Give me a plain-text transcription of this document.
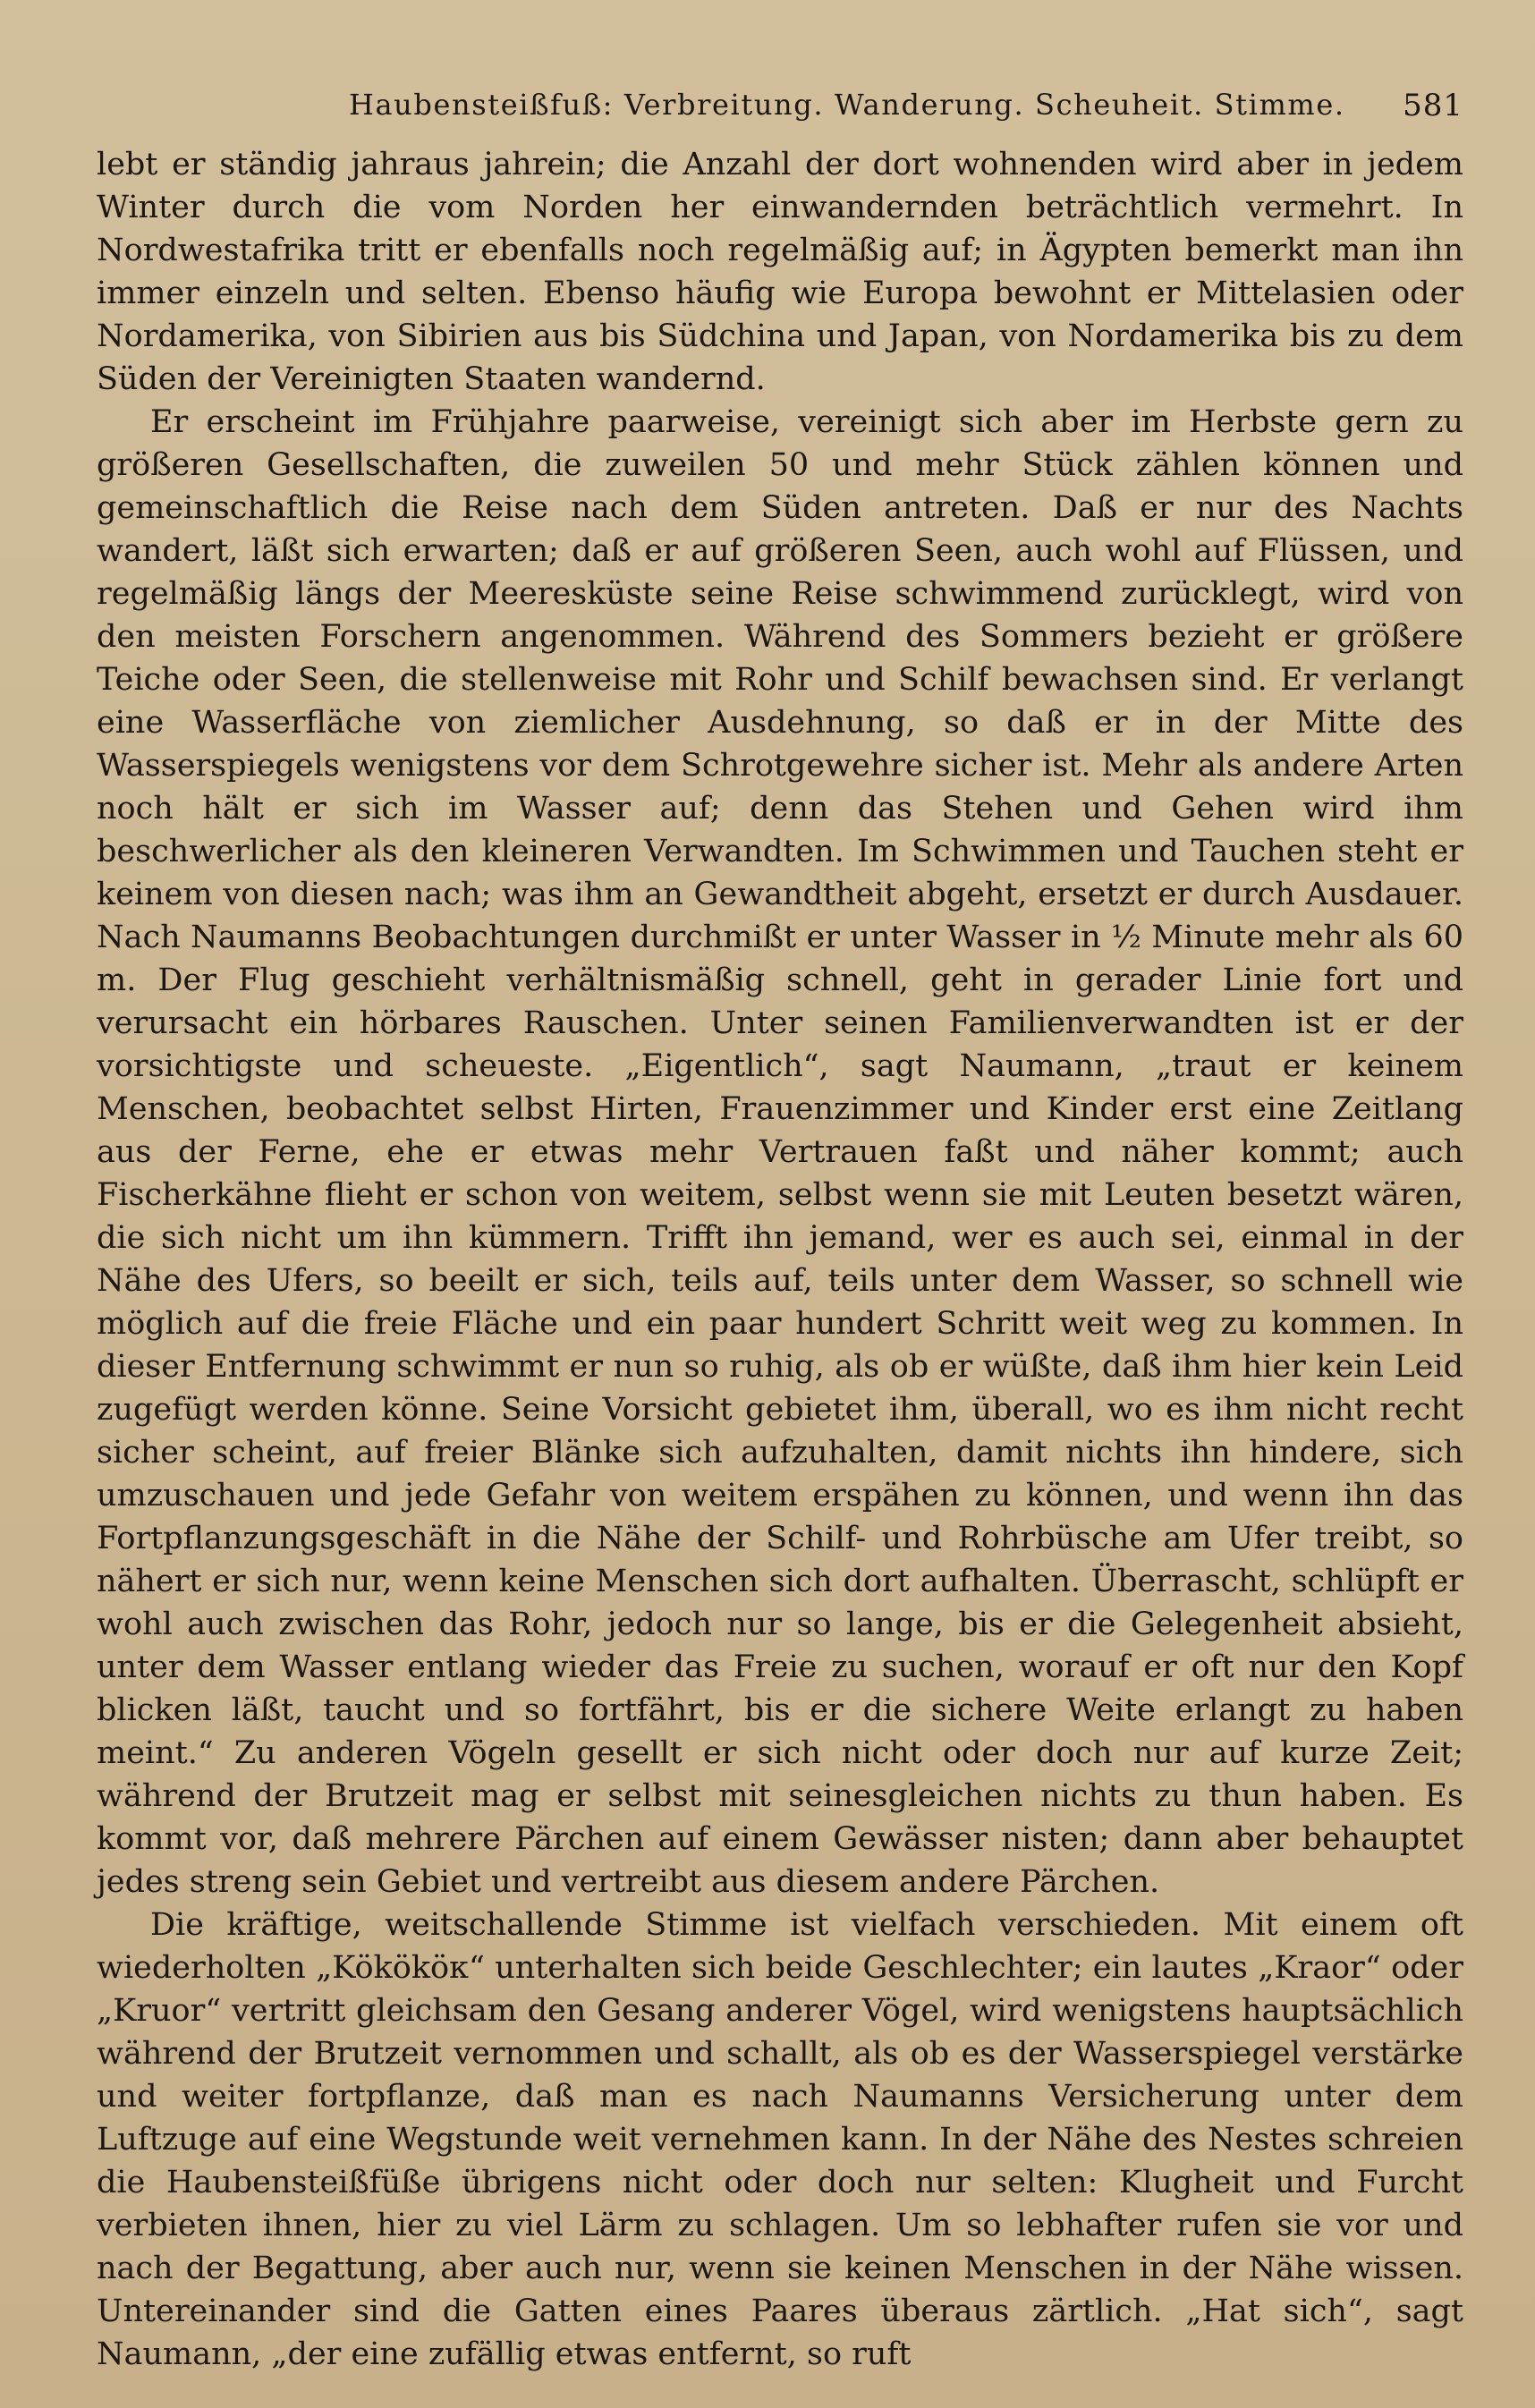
Haubensteißfuß: Verbreitung. Wanderung. Scheuheit. Stimme. 581

lebt er ständig jahraus jahrein; die Anzahl der dort wohnenden wird aber in jedem Winter durch die vom Norden her einwandernden beträchtlich vermehrt. In Nordwestafrika tritt er ebenfalls noch regelmäßig auf; in Ägypten bemerkt man ihn immer einzeln und selten. Ebenso häufig wie Europa bewohnt er Mittelasien oder Nordamerika, von Sibirien aus bis Südchina und Japan, von Nordamerika bis zu dem Süden der Vereinigten Staaten wandernd.

Er erscheint im Frühjahre paarweise, vereinigt sich aber im Herbste gern zu größeren Gesellschaften, die zuweilen 50 und mehr Stück zählen können und gemeinschaftlich die Reise nach dem Süden antreten. Daß er nur des Nachts wandert, läßt sich erwarten; daß er auf größeren Seen, auch wohl auf Flüssen, und regelmäßig längs der Meeresküste seine Reise schwimmend zurücklegt, wird von den meisten Forschern angenommen. Während des Sommers bezieht er größere Teiche oder Seen, die stellenweise mit Rohr und Schilf bewachsen sind. Er verlangt eine Wasserfläche von ziemlicher Ausdehnung, so daß er in der Mitte des Wasserspiegels wenigstens vor dem Schrotgewehre sicher ist. Mehr als andere Arten noch hält er sich im Wasser auf; denn das Stehen und Gehen wird ihm beschwerlicher als den kleineren Verwandten. Im Schwimmen und Tauchen steht er keinem von diesen nach; was ihm an Gewandtheit abgeht, ersetzt er durch Ausdauer. Nach Naumanns Beobachtungen durchmißt er unter Wasser in ½ Minute mehr als 60 m. Der Flug geschieht verhältnismäßig schnell, geht in gerader Linie fort und verursacht ein hörbares Rauschen. Unter seinen Familienverwandten ist er der vorsichtigste und scheueste. „Eigentlich“, sagt Naumann, „traut er keinem Menschen, beobachtet selbst Hirten, Frauenzimmer und Kinder erst eine Zeitlang aus der Ferne, ehe er etwas mehr Vertrauen faßt und näher kommt; auch Fischerkähne flieht er schon von weitem, selbst wenn sie mit Leuten besetzt wären, die sich nicht um ihn kümmern. Trifft ihn jemand, wer es auch sei, einmal in der Nähe des Ufers, so beeilt er sich, teils auf, teils unter dem Wasser, so schnell wie möglich auf die freie Fläche und ein paar hundert Schritt weit weg zu kommen. In dieser Entfernung schwimmt er nun so ruhig, als ob er wüßte, daß ihm hier kein Leid zugefügt werden könne. Seine Vorsicht gebietet ihm, überall, wo es ihm nicht recht sicher scheint, auf freier Blänke sich aufzuhalten, damit nichts ihn hindere, sich umzuschauen und jede Gefahr von weitem erspähen zu können, und wenn ihn das Fortpflanzungsgeschäft in die Nähe der Schilf- und Rohrbüsche am Ufer treibt, so nähert er sich nur, wenn keine Menschen sich dort aufhalten. Überrascht, schlüpft er wohl auch zwischen das Rohr, jedoch nur so lange, bis er die Gelegenheit absieht, unter dem Wasser entlang wieder das Freie zu suchen, worauf er oft nur den Kopf blicken läßt, taucht und so fortfährt, bis er die sichere Weite erlangt zu haben meint.“ Zu anderen Vögeln gesellt er sich nicht oder doch nur auf kurze Zeit; während der Brutzeit mag er selbst mit seinesgleichen nichts zu thun haben. Es kommt vor, daß mehrere Pärchen auf einem Gewässer nisten; dann aber behauptet jedes streng sein Gebiet und vertreibt aus diesem andere Pärchen.

Die kräftige, weitschallende Stimme ist vielfach verschieden. Mit einem oft wiederholten „Kökököк“ unterhalten sich beide Geschlechter; ein lautes „Kraor“ oder „Kruor“ vertritt gleichsam den Gesang anderer Vögel, wird wenigstens hauptsächlich während der Brutzeit vernommen und schallt, als ob es der Wasserspiegel verstärke und weiter fortpflanze, daß man es nach Naumanns Versicherung unter dem Luftzuge auf eine Wegstunde weit vernehmen kann. In der Nähe des Nestes schreien die Haubensteißfüße übrigens nicht oder doch nur selten: Klugheit und Furcht verbieten ihnen, hier zu viel Lärm zu schlagen. Um so lebhafter rufen sie vor und nach der Begattung, aber auch nur, wenn sie keinen Menschen in der Nähe wissen. Untereinander sind die Gatten eines Paares überaus zärtlich. „Hat sich“, sagt Naumann, „der eine zufällig etwas entfernt, so ruft
